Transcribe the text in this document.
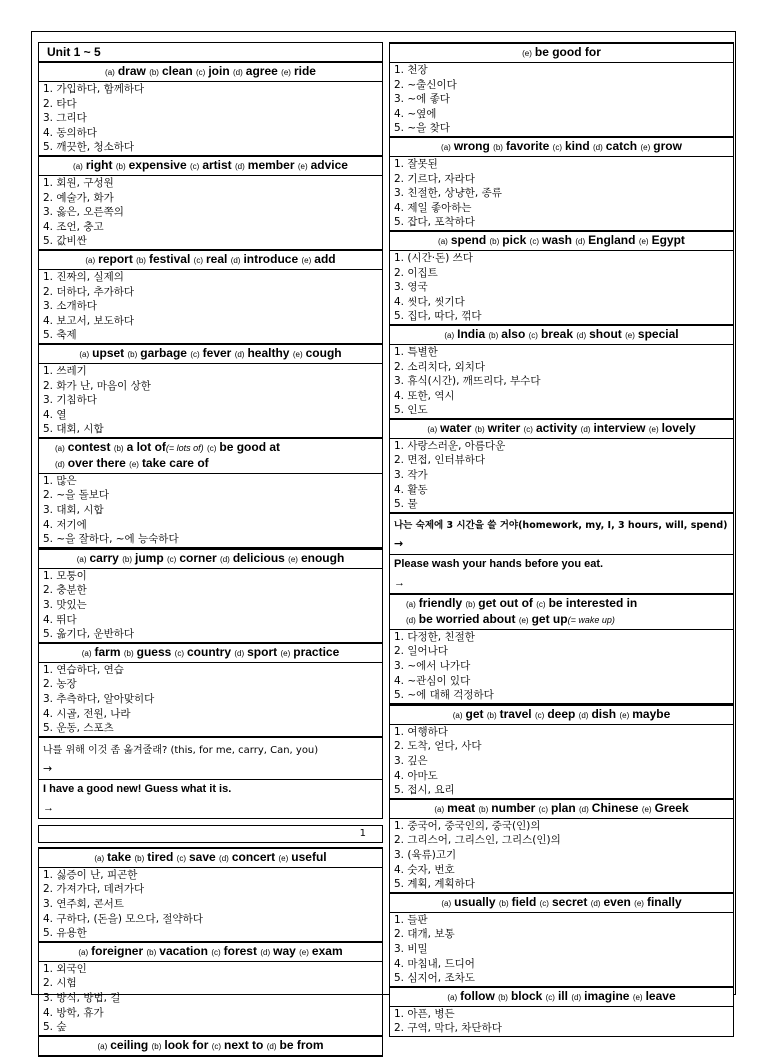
Unit 1 ~ 5
(a) draw (b) clean (c) join (d) agree (e) ride
1. 가입하다, 함께하다
2. 타다
3. 그리다
4. 동의하다
5. 깨끗한, 청소하다
(a) right (b) expensive (c) artist (d) member (e) advice
1. 회원, 구성원
2. 예술가, 화가
3. 옳은, 오른쪽의
4. 조언, 충고
5. 값비싼
(a) report (b) festival (c) real (d) introduce (e) add
1. 진짜의, 실제의
2. 더하다, 추가하다
3. 소개하다
4. 보고서, 보도하다
5. 축제
(a) upset (b) garbage (c) fever (d) healthy (e) cough
1. 쓰레기
2. 화가 난, 마음이 상한
3. 기침하다
4. 열
5. 대회, 시합
(a) contest (b) a lot of(= lots of) (c) be good at
(d) over there (e) take care of
1. 많은
2. ~을 돌보다
3. 대회, 시합
4. 저기에
5. ~을 잘하다, ~에 능숙하다
(a) carry (b) jump (c) corner (d) delicious (e) enough
1. 모퉁이
2. 충분한
3. 맛있는
4. 뛰다
5. 옮기다, 운반하다
(a) farm (b) guess (c) country (d) sport (e) practice
1. 연습하다, 연습
2. 농장
3. 추측하다, 알아맞히다
4. 시골, 전원, 나라
5. 운동, 스포츠
나를 위해 이것 좀 옮겨줄래? (this, for me, carry, Can, you)
→
I have a good new! Guess what it is.
→
1
(a) take (b) tired (c) save (d) concert (e) useful
1. 싫증이 난, 피곤한
2. 가져가다, 데려가다
3. 연주회, 콘서트
4. 구하다, (돈을) 모으다, 절약하다
5. 유용한
(a) foreigner (b) vacation (c) forest (d) way (e) exam
1. 외국인
2. 시험
3. 방식, 방법, 길
4. 방학, 휴가
5. 숲
(a) ceiling (b) look for (c) next to (d) be from
(e) be good for
1. 천장
2. ~출신이다
3. ~에 좋다
4. ~옆에
5. ~을 찾다
(a) wrong (b) favorite (c) kind (d) catch (e) grow
1. 잘못된
2. 기르다, 자라다
3. 친절한, 상냥한, 종류
4. 제일 좋아하는
5. 잡다, 포착하다
(a) spend (b) pick (c) wash (d) England (e) Egypt
1. (시간·돈) 쓰다
2. 이집트
3. 영국
4. 씻다, 씻기다
5. 집다, 따다, 꺾다
(a) India (b) also (c) break (d) shout (e) special
1. 특별한
2. 소리치다, 외치다
3. 휴식(시간), 깨뜨리다, 부수다
4. 또한, 역시
5. 인도
(a) water (b) writer (c) activity (d) interview (e) lovely
1. 사랑스러운, 아름다운
2. 면접, 인터뷰하다
3. 작가
4. 활동
5. 물
나는 숙제에 3 시간을 쓸 거야(homework, my, I, 3 hours, will, spend)
→
Please wash your hands before you eat.
→
(a) friendly (b) get out of (c) be interested in
(d) be worried about (e) get up(= wake up)
1. 다정한, 친절한
2. 일어나다
3. ~에서 나가다
4. ~관심이 있다
5. ~에 대해 걱정하다
(a) get (b) travel (c) deep (d) dish (e) maybe
1. 여행하다
2. 도착, 얻다, 사다
3. 깊은
4. 아마도
5. 접시, 요리
(a) meat (b) number (c) plan (d) Chinese (e) Greek
1. 중국어, 중국인의, 중국(인)의
2. 그리스어, 그리스인, 그리스(인)의
3. (육류)고기
4. 숫자, 번호
5. 계획, 계획하다
(a) usually (b) field (c) secret (d) even (e) finally
1. 들판
2. 대개, 보통
3. 비밀
4. 마침내, 드디어
5. 심지어, 조차도
(a) follow (b) block (c) ill (d) imagine (e) leave
1. 아픈, 병든
2. 구역, 막다, 차단하다
